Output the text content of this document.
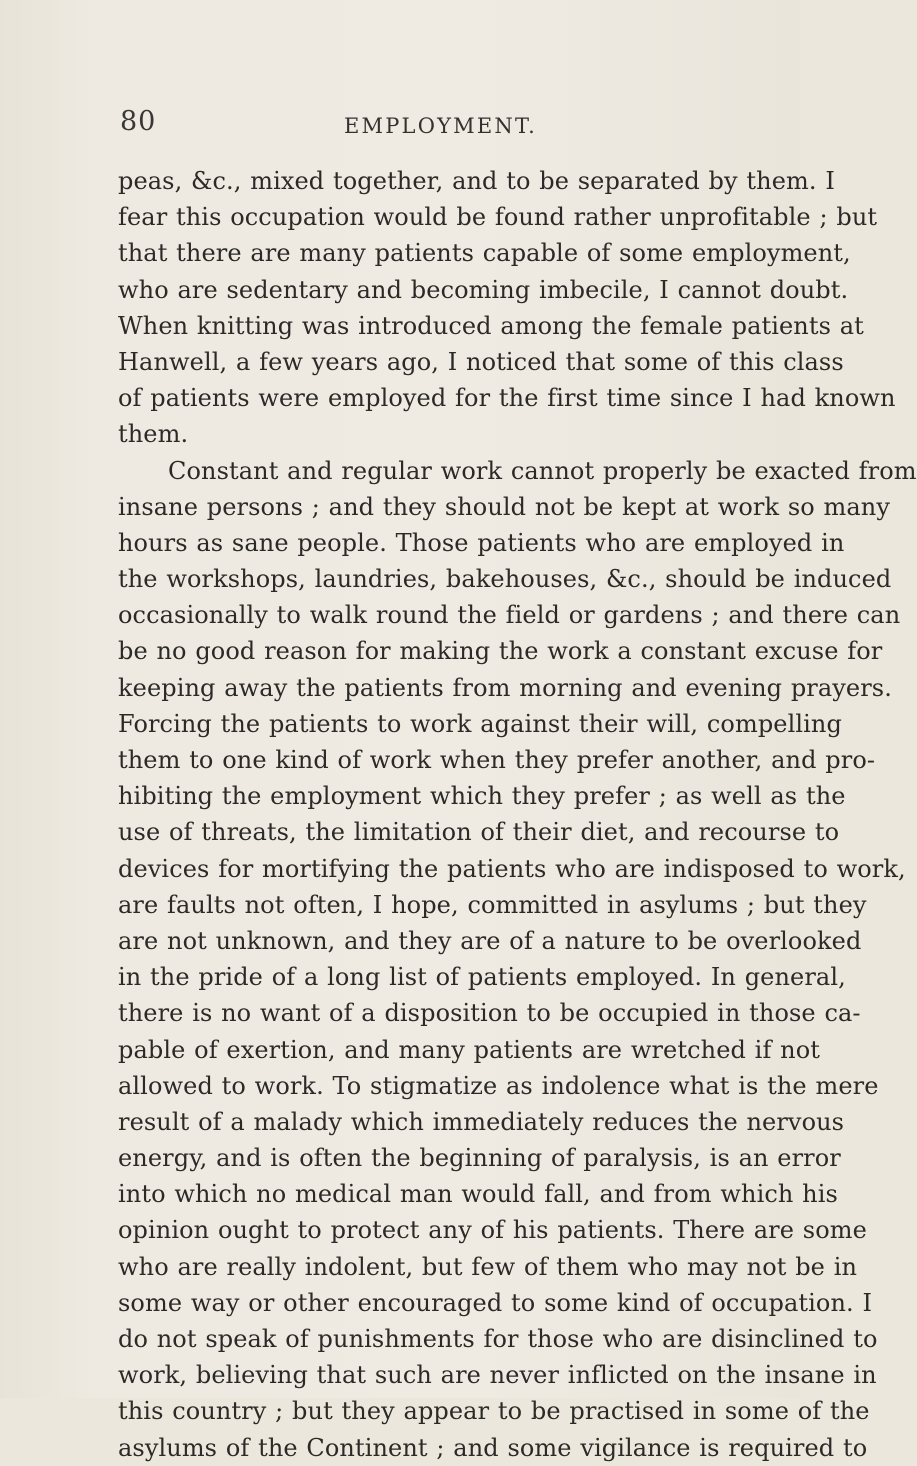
80	EMPLOYMENT.
peas, &c., mixed together, and to be separated by them. I
fear this occupation would be found rather unprofitable ; but
that there are many patients capable of some employment,
who are sedentary and becoming imbecile, I cannot doubt.
When knitting was introduced among the female patients at
Hanwell, a few years ago, I noticed that some of this class
of patients were employed for the first time since I had known
them.
Constant and regular work cannot properly be exacted from
insane persons ; and they should not be kept at work so many
hours as sane people. Those patients who are employed in
the workshops, laundries, bakehouses, &c., should be induced
occasionally to walk round the field or gardens ; and there can
be no good reason for making the work a constant excuse for
keeping away the patients from morning and evening prayers.
Forcing the patients to work against their will, compelling
them to one kind of work when they prefer another, and pro-
hibiting the employment which they prefer ; as well as the
use of threats, the limitation of their diet, and recourse to
devices for mortifying the patients who are indisposed to work,
are faults not often, I hope, committed in asylums ; but they
are not unknown, and they are of a nature to be overlooked
in the pride of a long list of patients employed. In general,
there is no want of a disposition to be occupied in those ca-
pable of exertion, and many patients are wretched if not
allowed to work. To stigmatize as indolence what is the mere
result of a malady which immediately reduces the nervous
energy, and is often the beginning of paralysis, is an error
into which no medical man would fall, and from which his
opinion ought to protect any of his patients. There are some
who are really indolent, but few of them who may not be in
some way or other encouraged to some kind of occupation. I
do not speak of punishments for those who are disinclined to
work, believing that such are never inflicted on the insane in
this country ; but they appear to be practised in some of the
asylums of the Continent ; and some vigilance is required to
